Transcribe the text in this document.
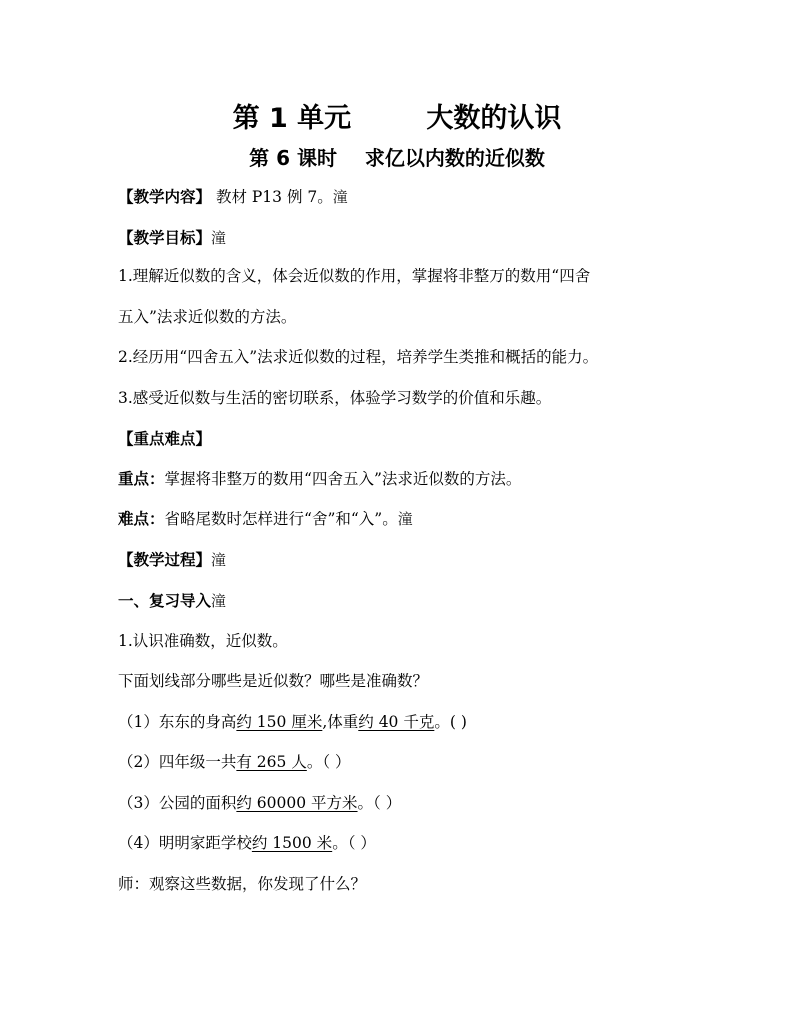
第 1 单元        大数的认识
第 6 课时    求亿以内数的近似数
【教学内容】 教材 P13 例 7。潼
【教学目标】潼
1.理解近似数的含义，体会近似数的作用，掌握将非整万的数用“四舍
五入”法求近似数的方法。
2.经历用“四舍五入”法求近似数的过程，培养学生类推和概括的能力。
3.感受近似数与生活的密切联系，体验学习数学的价值和乐趣。
【重点难点】
重点：掌握将非整万的数用“四舍五入”法求近似数的方法。
难点：省略尾数时怎样进行“舍”和“入”。潼
【教学过程】潼
一、复习导入潼
1.认识准确数，近似数。
下面划线部分哪些是近似数？哪些是准确数？
（1）东东的身高约 150 厘米,体重约 40 千克。( )
（2）四年级一共有 265 人。（ ）
（3）公园的面积约 60000 平方米。（ ）
（4）明明家距学校约 1500 米。（ ）
师：观察这些数据，你发现了什么？
